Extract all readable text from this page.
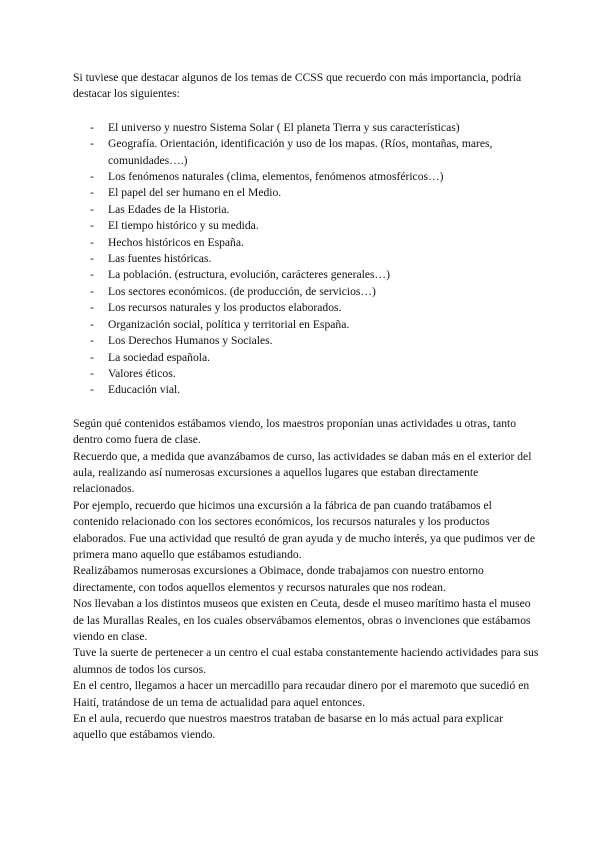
Si tuviese que destacar algunos de los temas de CCSS que recuerdo con más importancia, podría destacar los siguientes:

- El universo y nuestro Sistema Solar ( El planeta Tierra y sus características)
- Geografía. Orientación, identificación y uso de los mapas. (Ríos, montañas, mares, comunidades….)
- Los fenómenos naturales (clima, elementos, fenómenos atmosféricos…)
- El papel del ser humano en el Medio.
- Las Edades de la Historia.
- El tiempo histórico y su medida.
- Hechos históricos en España.
- Las fuentes históricas.
- La población. (estructura, evolución, carácteres generales…)
- Los sectores económicos. (de producción, de servicios…)
- Los recursos naturales y los productos elaborados.
- Organización social, política y territorial en España.
- Los Derechos Humanos y Sociales.
- La sociedad española.
- Valores éticos.
- Educación vial.

Según qué contenidos estábamos viendo, los maestros proponían unas actividades u otras, tanto dentro como fuera de clase.

Recuerdo que, a medida que avanzábamos de curso, las actividades se daban más en el exterior del aula, realizando así numerosas excursiones a aquellos lugares que estaban directamente relacionados.

Por ejemplo, recuerdo que hicimos una excursión a la fábrica de pan cuando tratábamos el contenido relacionado con los sectores económicos, los recursos naturales y los productos elaborados. Fue una actividad que resultó de gran ayuda y de mucho interés, ya que pudimos ver de primera mano aquello que estábamos estudiando.

Realizábamos numerosas excursiones a Obimace, donde trabajamos con nuestro entorno directamente, con todos aquellos elementos y recursos naturales que nos rodean.

Nos llevaban a los distintos museos que existen en Ceuta, desde el museo marítimo hasta el museo de las Murallas Reales, en los cuales observábamos elementos, obras o invenciones que estábamos viendo en clase.

Tuve la suerte de pertenecer a un centro el cual estaba constantemente haciendo actividades para sus alumnos de todos los cursos.

En el centro, llegamos a hacer un mercadillo para recaudar dinero por el maremoto que sucedió en Haití, tratándose de un tema de actualidad para aquel entonces.

En el aula, recuerdo que nuestros maestros trataban de basarse en lo más actual para explicar aquello que estábamos viendo.
